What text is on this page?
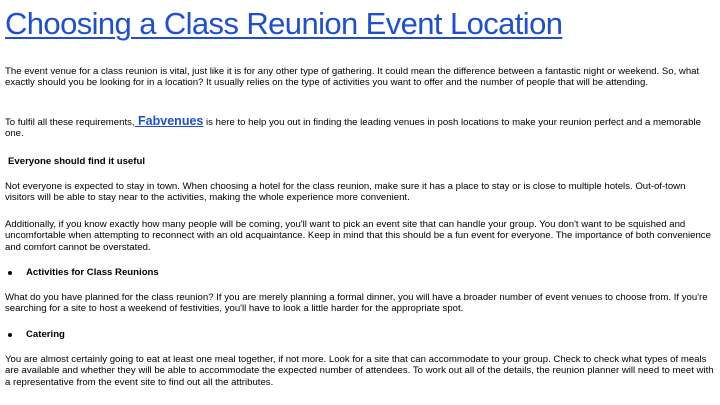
Choosing a Class Reunion Event Location

The event venue for a class reunion is vital, just like it is for any other type of gathering. It could mean the difference between a fantastic night or weekend. So, what exactly should you be looking for in a location? It usually relies on the type of activities you want to offer and the number of people that will be attending.

To fulfil all these requirements, Fabvenues is here to help you out in finding the leading venues in posh locations to make your reunion perfect and a memorable one.

Everyone should find it useful

Not everyone is expected to stay in town. When choosing a hotel for the class reunion, make sure it has a place to stay or is close to multiple hotels. Out-of-town visitors will be able to stay near to the activities, making the whole experience more convenient.

Additionally, if you know exactly how many people will be coming, you'll want to pick an event site that can handle your group. You don't want to be squished and uncomfortable when attempting to reconnect with an old acquaintance. Keep in mind that this should be a fun event for everyone. The importance of both convenience and comfort cannot be overstated.

Activities for Class Reunions

What do you have planned for the class reunion? If you are merely planning a formal dinner, you will have a broader number of event venues to choose from. If you're searching for a site to host a weekend of festivities, you'll have to look a little harder for the appropriate spot.

Catering

You are almost certainly going to eat at least one meal together, if not more. Look for a site that can accommodate to your group. Check to check what types of meals are available and whether they will be able to accommodate the expected number of attendees. To work out all of the details, the reunion planner will need to meet with a representative from the event site to find out all the attributes.
